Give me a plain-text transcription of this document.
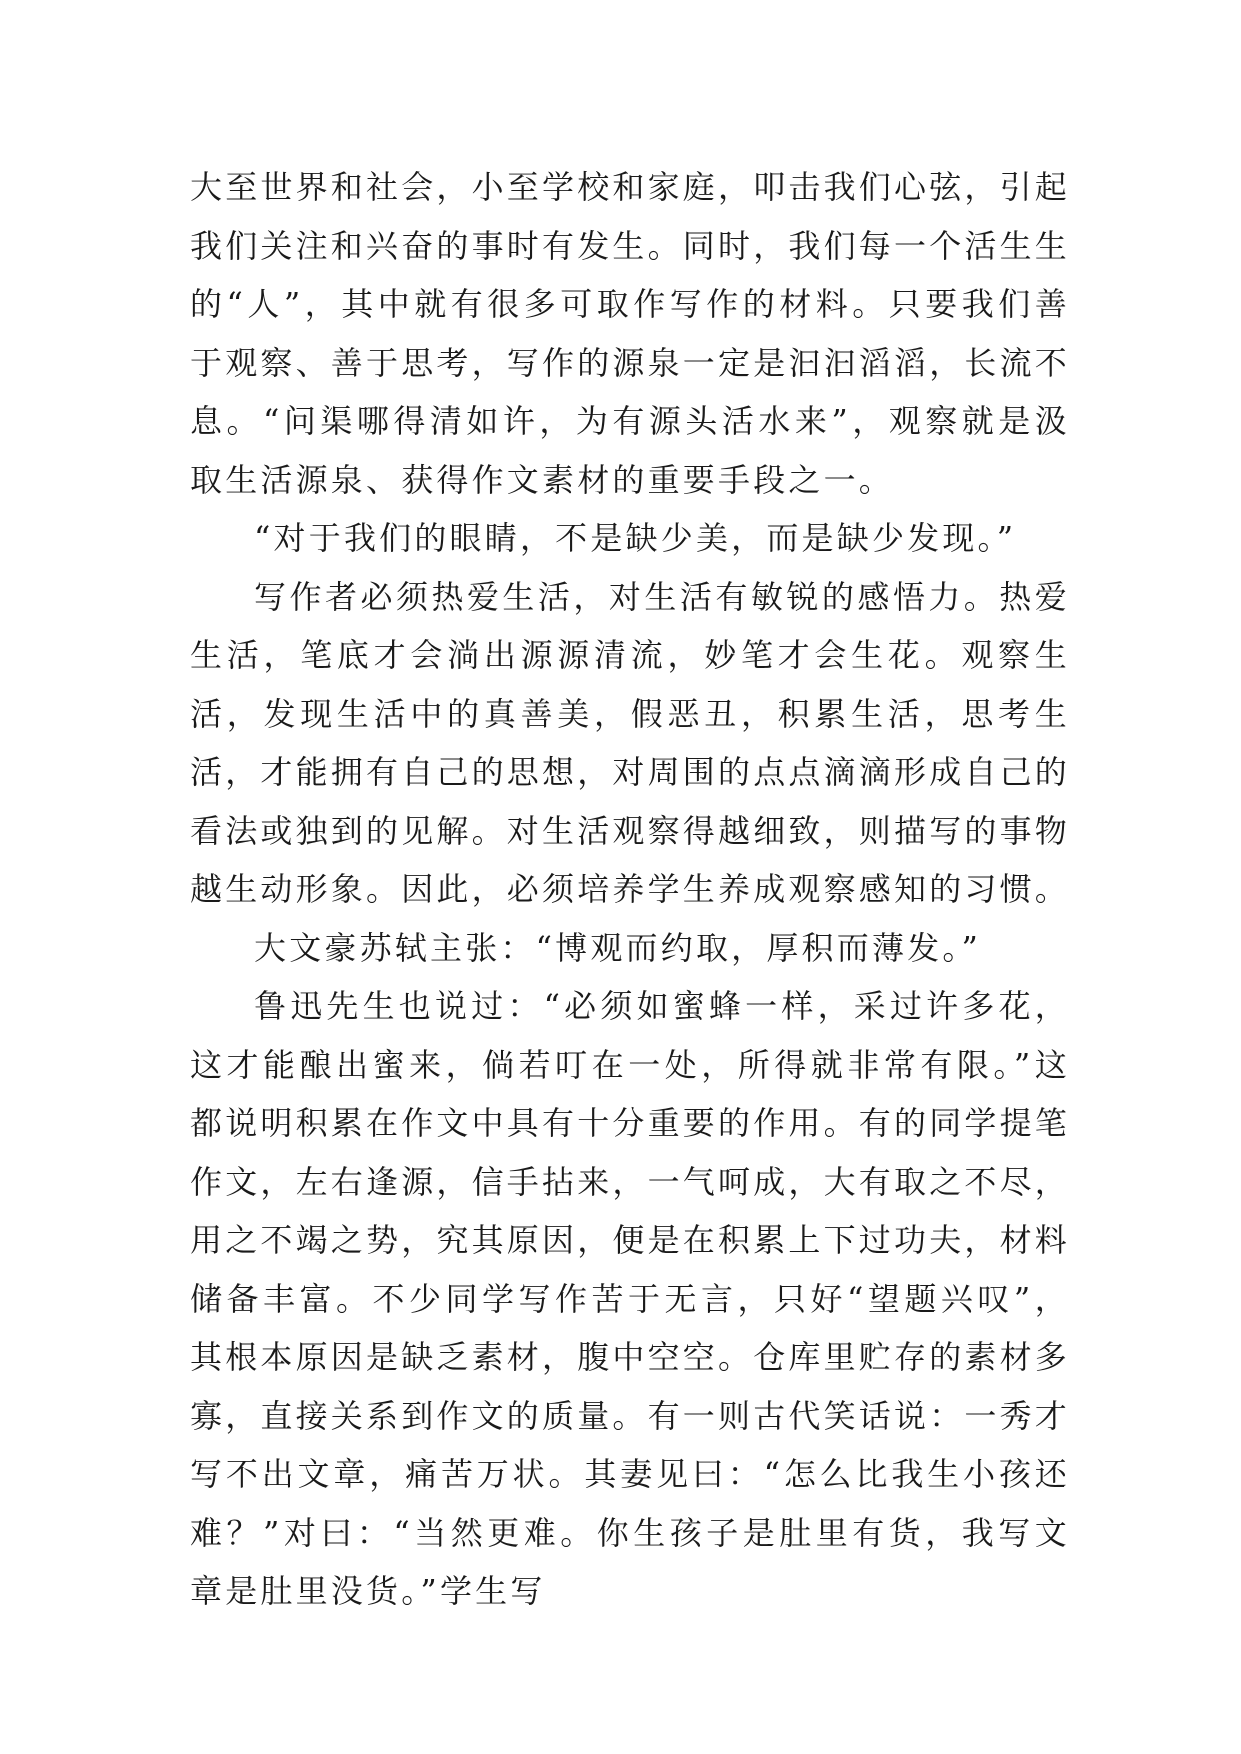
大至世界和社会，小至学校和家庭，叩击我们心弦，引起我们关注和兴奋的事时有发生。同时，我们每一个活生生的“人”，其中就有很多可取作写作的材料。只要我们善于观察、善于思考，写作的源泉一定是汩汩滔滔，长流不息。“问渠哪得清如许，为有源头活水来”，观察就是汲取生活源泉、获得作文素材的重要手段之一。

“对于我们的眼睛，不是缺少美，而是缺少发现。”

写作者必须热爱生活，对生活有敏锐的感悟力。热爱生活，笔底才会淌出源源清流，妙笔才会生花。观察生活，发现生活中的真善美，假恶丑，积累生活，思考生活，才能拥有自己的思想，对周围的点点滴滴形成自己的看法或独到的见解。对生活观察得越细致，则描写的事物越生动形象。因此，必须培养学生养成观察感知的习惯。

大文豪苏轼主张：“博观而约取，厚积而薄发。”

鲁迅先生也说过：“必须如蜜蜂一样，采过许多花，这才能酿出蜜来，倘若叮在一处，所得就非常有限。”这都说明积累在作文中具有十分重要的作用。有的同学提笔作文，左右逢源，信手拈来，一气呵成，大有取之不尽，用之不竭之势，究其原因，便是在积累上下过功夫，材料储备丰富。不少同学写作苦于无言，只好“望题兴叹”，其根本原因是缺乏素材，腹中空空。仓库里贮存的素材多寡，直接关系到作文的质量。有一则古代笑话说：一秀才写不出文章，痛苦万状。其妻见曰：“怎么比我生小孩还难？”对曰：“当然更难。你生孩子是肚里有货，我写文章是肚里没货。”学生写
